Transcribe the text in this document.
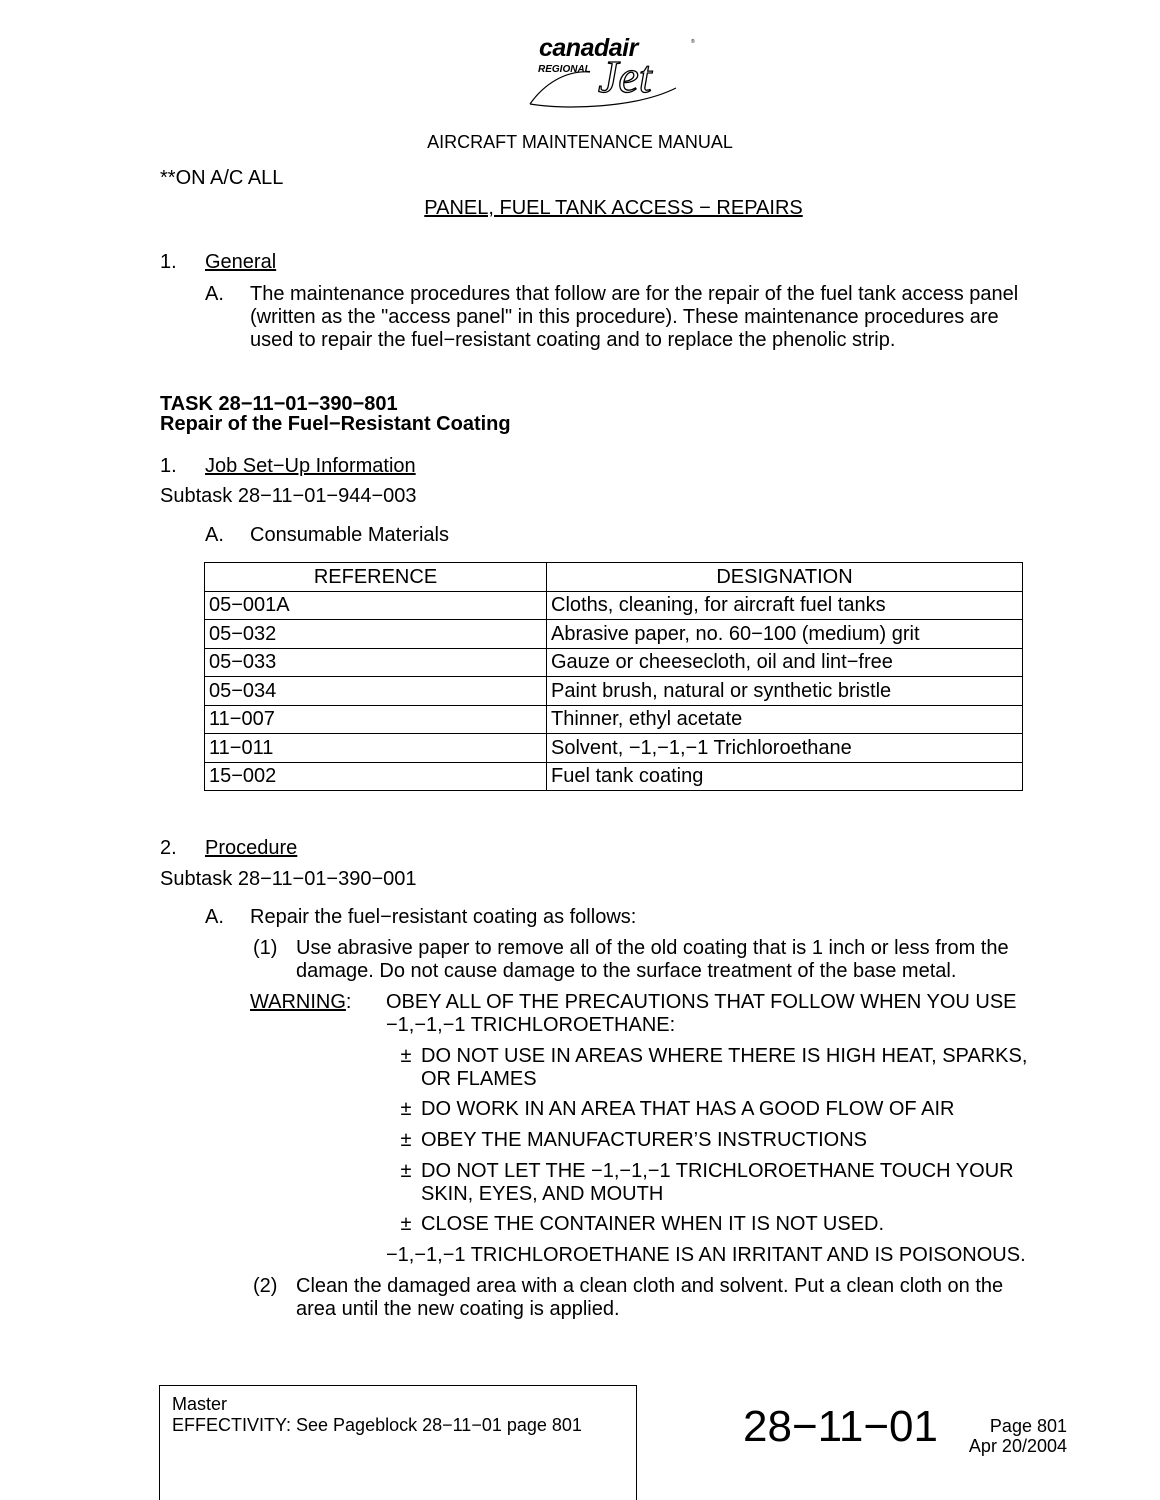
canadair	®
REGIONAL Jet
AIRCRAFT MAINTENANCE MANUAL
**ON A/C ALL
PANEL, FUEL TANK ACCESS − REPAIRS
1. General
A. The maintenance procedures that follow are for the repair of the fuel tank access panel
(written as the "access panel" in this procedure). These maintenance procedures are
used to repair the fuel−resistant coating and to replace the phenolic strip.
TASK 28−11−01−390−801
Repair of the Fuel−Resistant Coating
1. Job Set−Up Information
Subtask 28−11−01−944−003
A. Consumable Materials
REFERENCE	DESIGNATION
05−001A	Cloths, cleaning, for aircraft fuel tanks
05−032	Abrasive paper, no. 60−100 (medium) grit
05−033	Gauze or cheesecloth, oil and lint−free
05−034	Paint brush, natural or synthetic bristle
11−007	Thinner, ethyl acetate
11−011	Solvent, −1,−1,−1 Trichloroethane
15−002	Fuel tank coating
2. Procedure
Subtask 28−11−01−390−001
A. Repair the fuel−resistant coating as follows:
(1) Use abrasive paper to remove all of the old coating that is 1 inch or less from the
damage. Do not cause damage to the surface treatment of the base metal.
WARNING: OBEY ALL OF THE PRECAUTIONS THAT FOLLOW WHEN YOU USE
−1,−1,−1 TRICHLOROETHANE:
± DO NOT USE IN AREAS WHERE THERE IS HIGH HEAT, SPARKS,
OR FLAMES
± DO WORK IN AN AREA THAT HAS A GOOD FLOW OF AIR
± OBEY THE MANUFACTURER’S INSTRUCTIONS
± DO NOT LET THE −1,−1,−1 TRICHLOROETHANE TOUCH YOUR
SKIN, EYES, AND MOUTH
± CLOSE THE CONTAINER WHEN IT IS NOT USED.
−1,−1,−1 TRICHLOROETHANE IS AN IRRITANT AND IS POISONOUS.
(2) Clean the damaged area with a clean cloth and solvent. Put a clean cloth on the
area until the new coating is applied.
Master
EFFECTIVITY: See Pageblock 28−11−01 page 801	28−11−01	Page 801
Apr 20/2004
